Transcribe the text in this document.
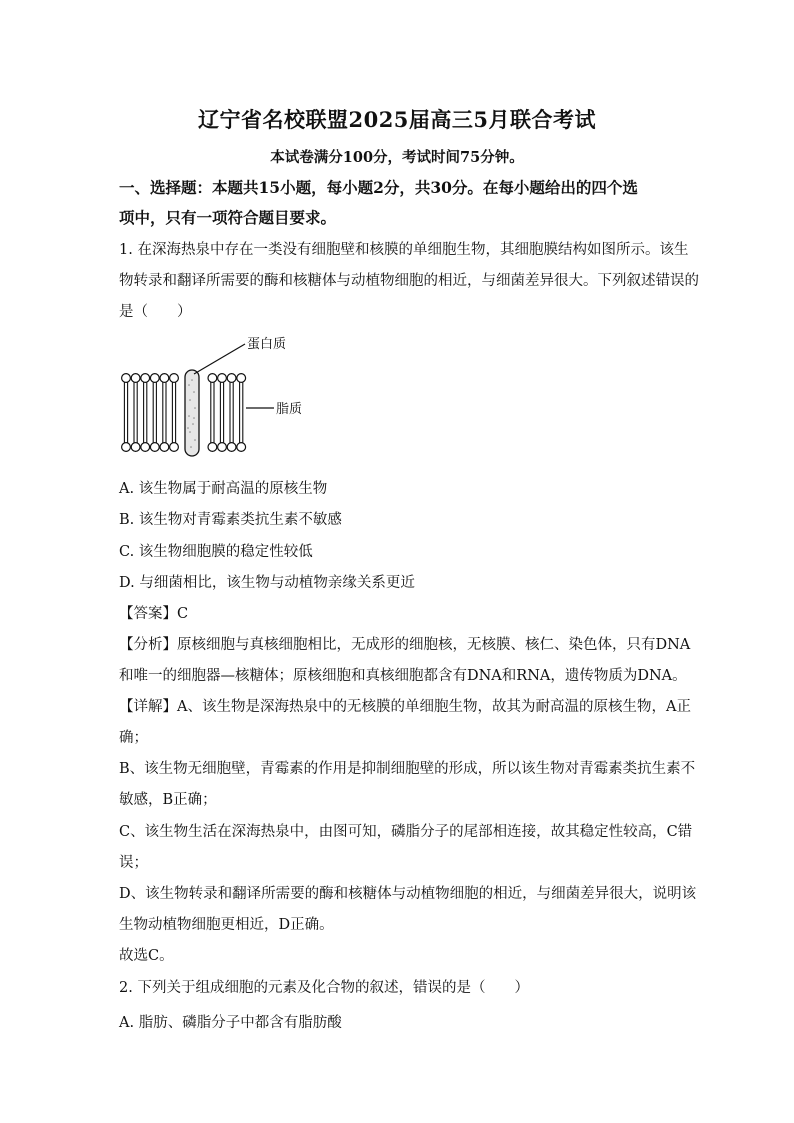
辽宁省名校联盟2025届高三5月联合考试
本试卷满分100分，考试时间75分钟。
一、选择题：本题共15小题，每小题2分，共30分。在每小题给出的四个选
项中，只有一项符合题目要求。
1. 在深海热泉中存在一类没有细胞壁和核膜的单细胞生物，其细胞膜结构如图所示。该生
物转录和翻译所需要的酶和核糖体与动植物细胞的相近，与细菌差异很大。下列叙述错误的
是（　　）
蛋白质
脂质
A. 该生物属于耐高温的原核生物
B. 该生物对青霉素类抗生素不敏感
C. 该生物细胞膜的稳定性较低
D. 与细菌相比，该生物与动植物亲缘关系更近
【答案】C
【分析】原核细胞与真核细胞相比，无成形的细胞核，无核膜、核仁、染色体，只有DNA
和唯一的细胞器—核糖体；原核细胞和真核细胞都含有DNA和RNA，遗传物质为DNA。
【详解】A、该生物是深海热泉中的无核膜的单细胞生物，故其为耐高温的原核生物，A正
确；
B、该生物无细胞壁，青霉素的作用是抑制细胞壁的形成，所以该生物对青霉素类抗生素不
敏感，B正确；
C、该生物生活在深海热泉中，由图可知，磷脂分子的尾部相连接，故其稳定性较高，C错
误；
D、该生物转录和翻译所需要的酶和核糖体与动植物细胞的相近，与细菌差异很大，说明该
生物动植物细胞更相近，D正确。
故选C。
2. 下列关于组成细胞的元素及化合物的叙述，错误的是（　　）
A. 脂肪、磷脂分子中都含有脂肪酸
